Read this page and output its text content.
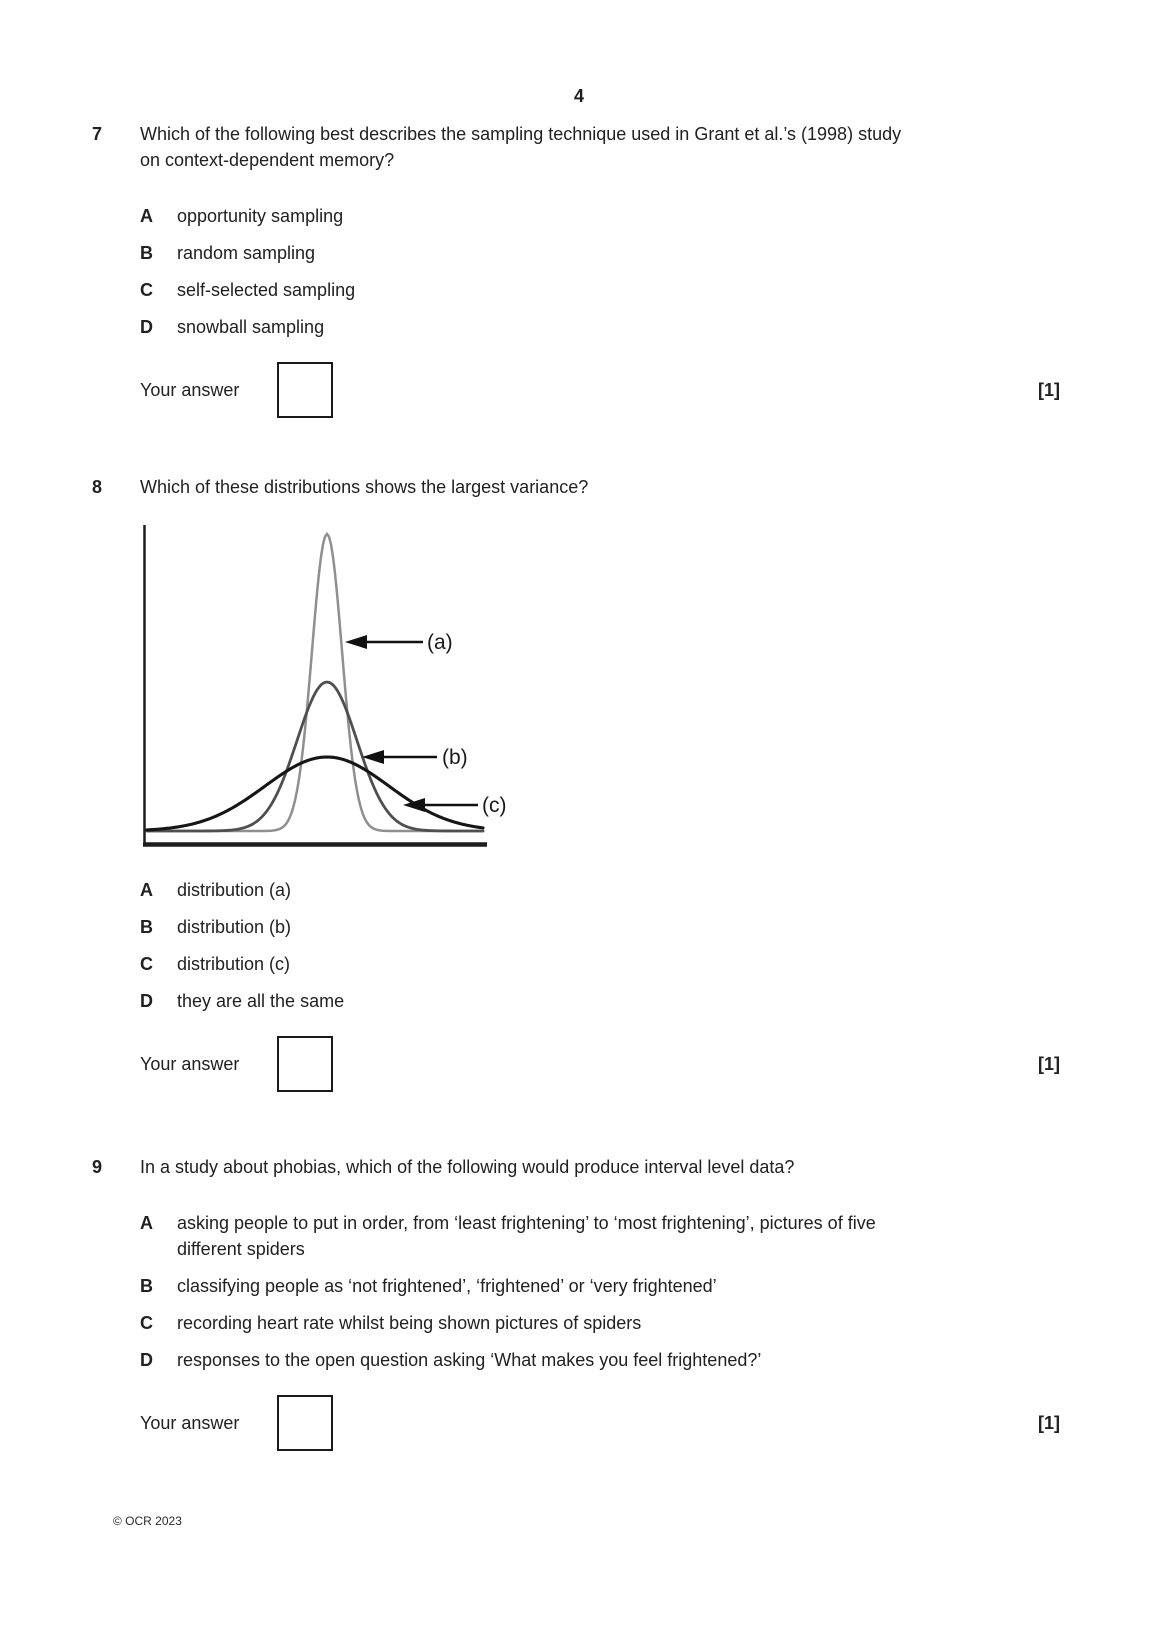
4
7	Which of the following best describes the sampling technique used in Grant et al.’s (1998) study
on context-dependent memory?
A	opportunity sampling
B	random sampling
C	self-selected sampling
D	snowball sampling
Your answer	[1]
8	Which of these distributions shows the largest variance?
(a)
(b)
(c)
A	distribution (a)
B	distribution (b)
C	distribution (c)
D	they are all the same
Your answer	[1]
9	In a study about phobias, which of the following would produce interval level data?
A	asking people to put in order, from ‘least frightening’ to ‘most frightening’, pictures of five
different spiders
B	classifying people as ‘not frightened’, ‘frightened’ or ‘very frightened’
C	recording heart rate whilst being shown pictures of spiders
D	responses to the open question asking ‘What makes you feel frightened?’
Your answer	[1]
© OCR 2023
